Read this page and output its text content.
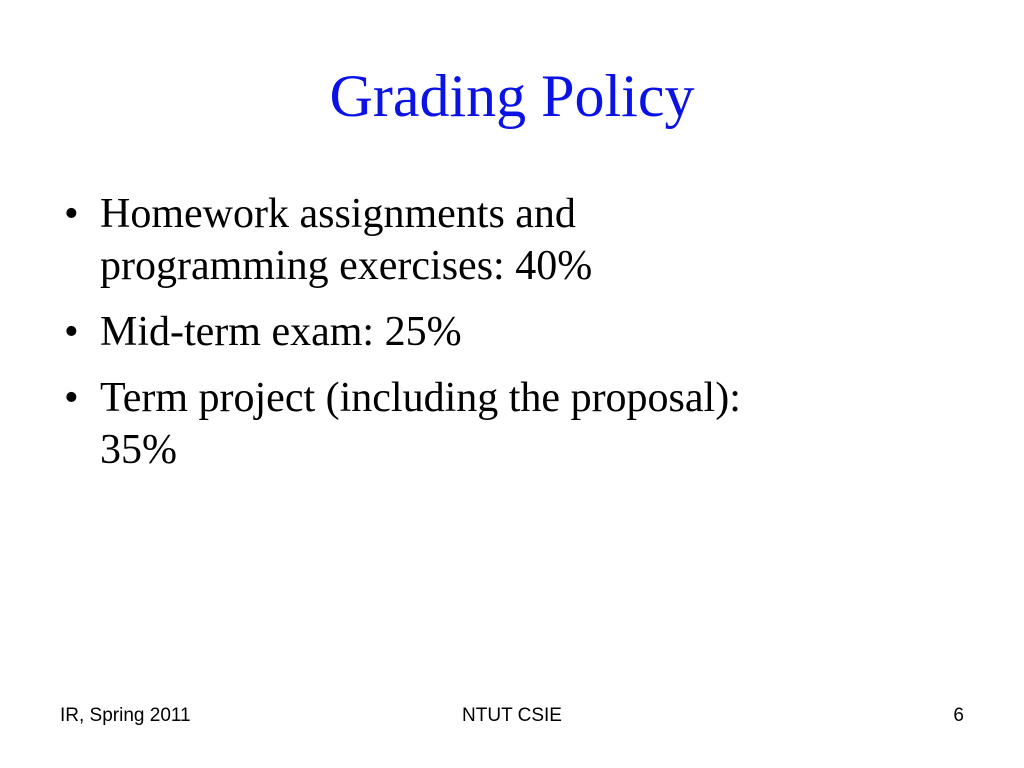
Grading Policy
• Homework assignments and
programming exercises: 40%
• Mid-term exam: 25%
• Term project (including the proposal):
35%
IR, Spring 2011	NTUT CSIE	6
